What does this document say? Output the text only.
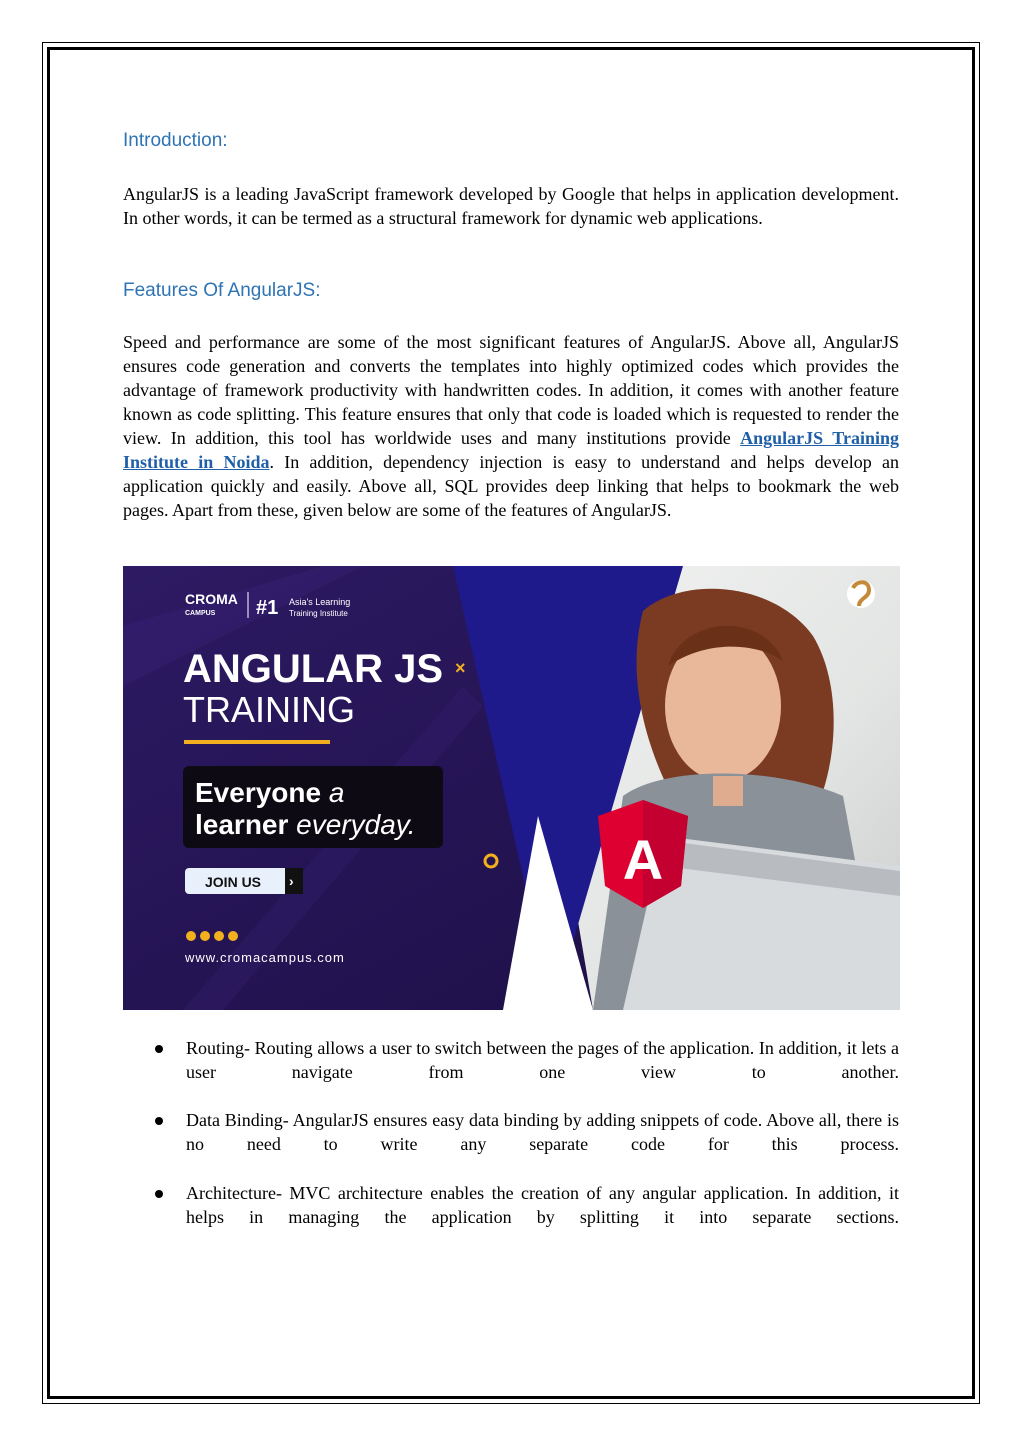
Introduction:

AngularJS is a leading JavaScript framework developed by Google that helps in application development. In other words, it can be termed as a structural framework for dynamic web applications.

Features Of AngularJS:

Speed and performance are some of the most significant features of AngularJS. Above all, AngularJS ensures code generation and converts the templates into highly optimized codes which provides the advantage of framework productivity with handwritten codes. In addition, it comes with another feature known as code splitting. This feature ensures that only that code is loaded which is requested to render the view. In addition, this tool has worldwide uses and many institutions provide AngularJS Training Institute in Noida. In addition, dependency injection is easy to understand and helps develop an application quickly and easily. Above all, SQL provides deep linking that helps to bookmark the web pages. Apart from these, given below are some of the features of AngularJS.

A
×
CROMA
CAMPUS #1 Asia's Learning
Training Institute
ANGULAR JS
TRAINING
Everyone a
learner everyday.
JOIN US ›
www.cromacampus.com
Routing- Routing allows a user to switch between the pages of the application. In addition, it lets a user navigate from one view to another.
Data Binding- AngularJS ensures easy data binding by adding snippets of code. Above all, there is no need to write any separate code for this process.
Architecture- MVC architecture enables the creation of any angular application. In addition, it helps in managing the application by splitting it into separate sections.
